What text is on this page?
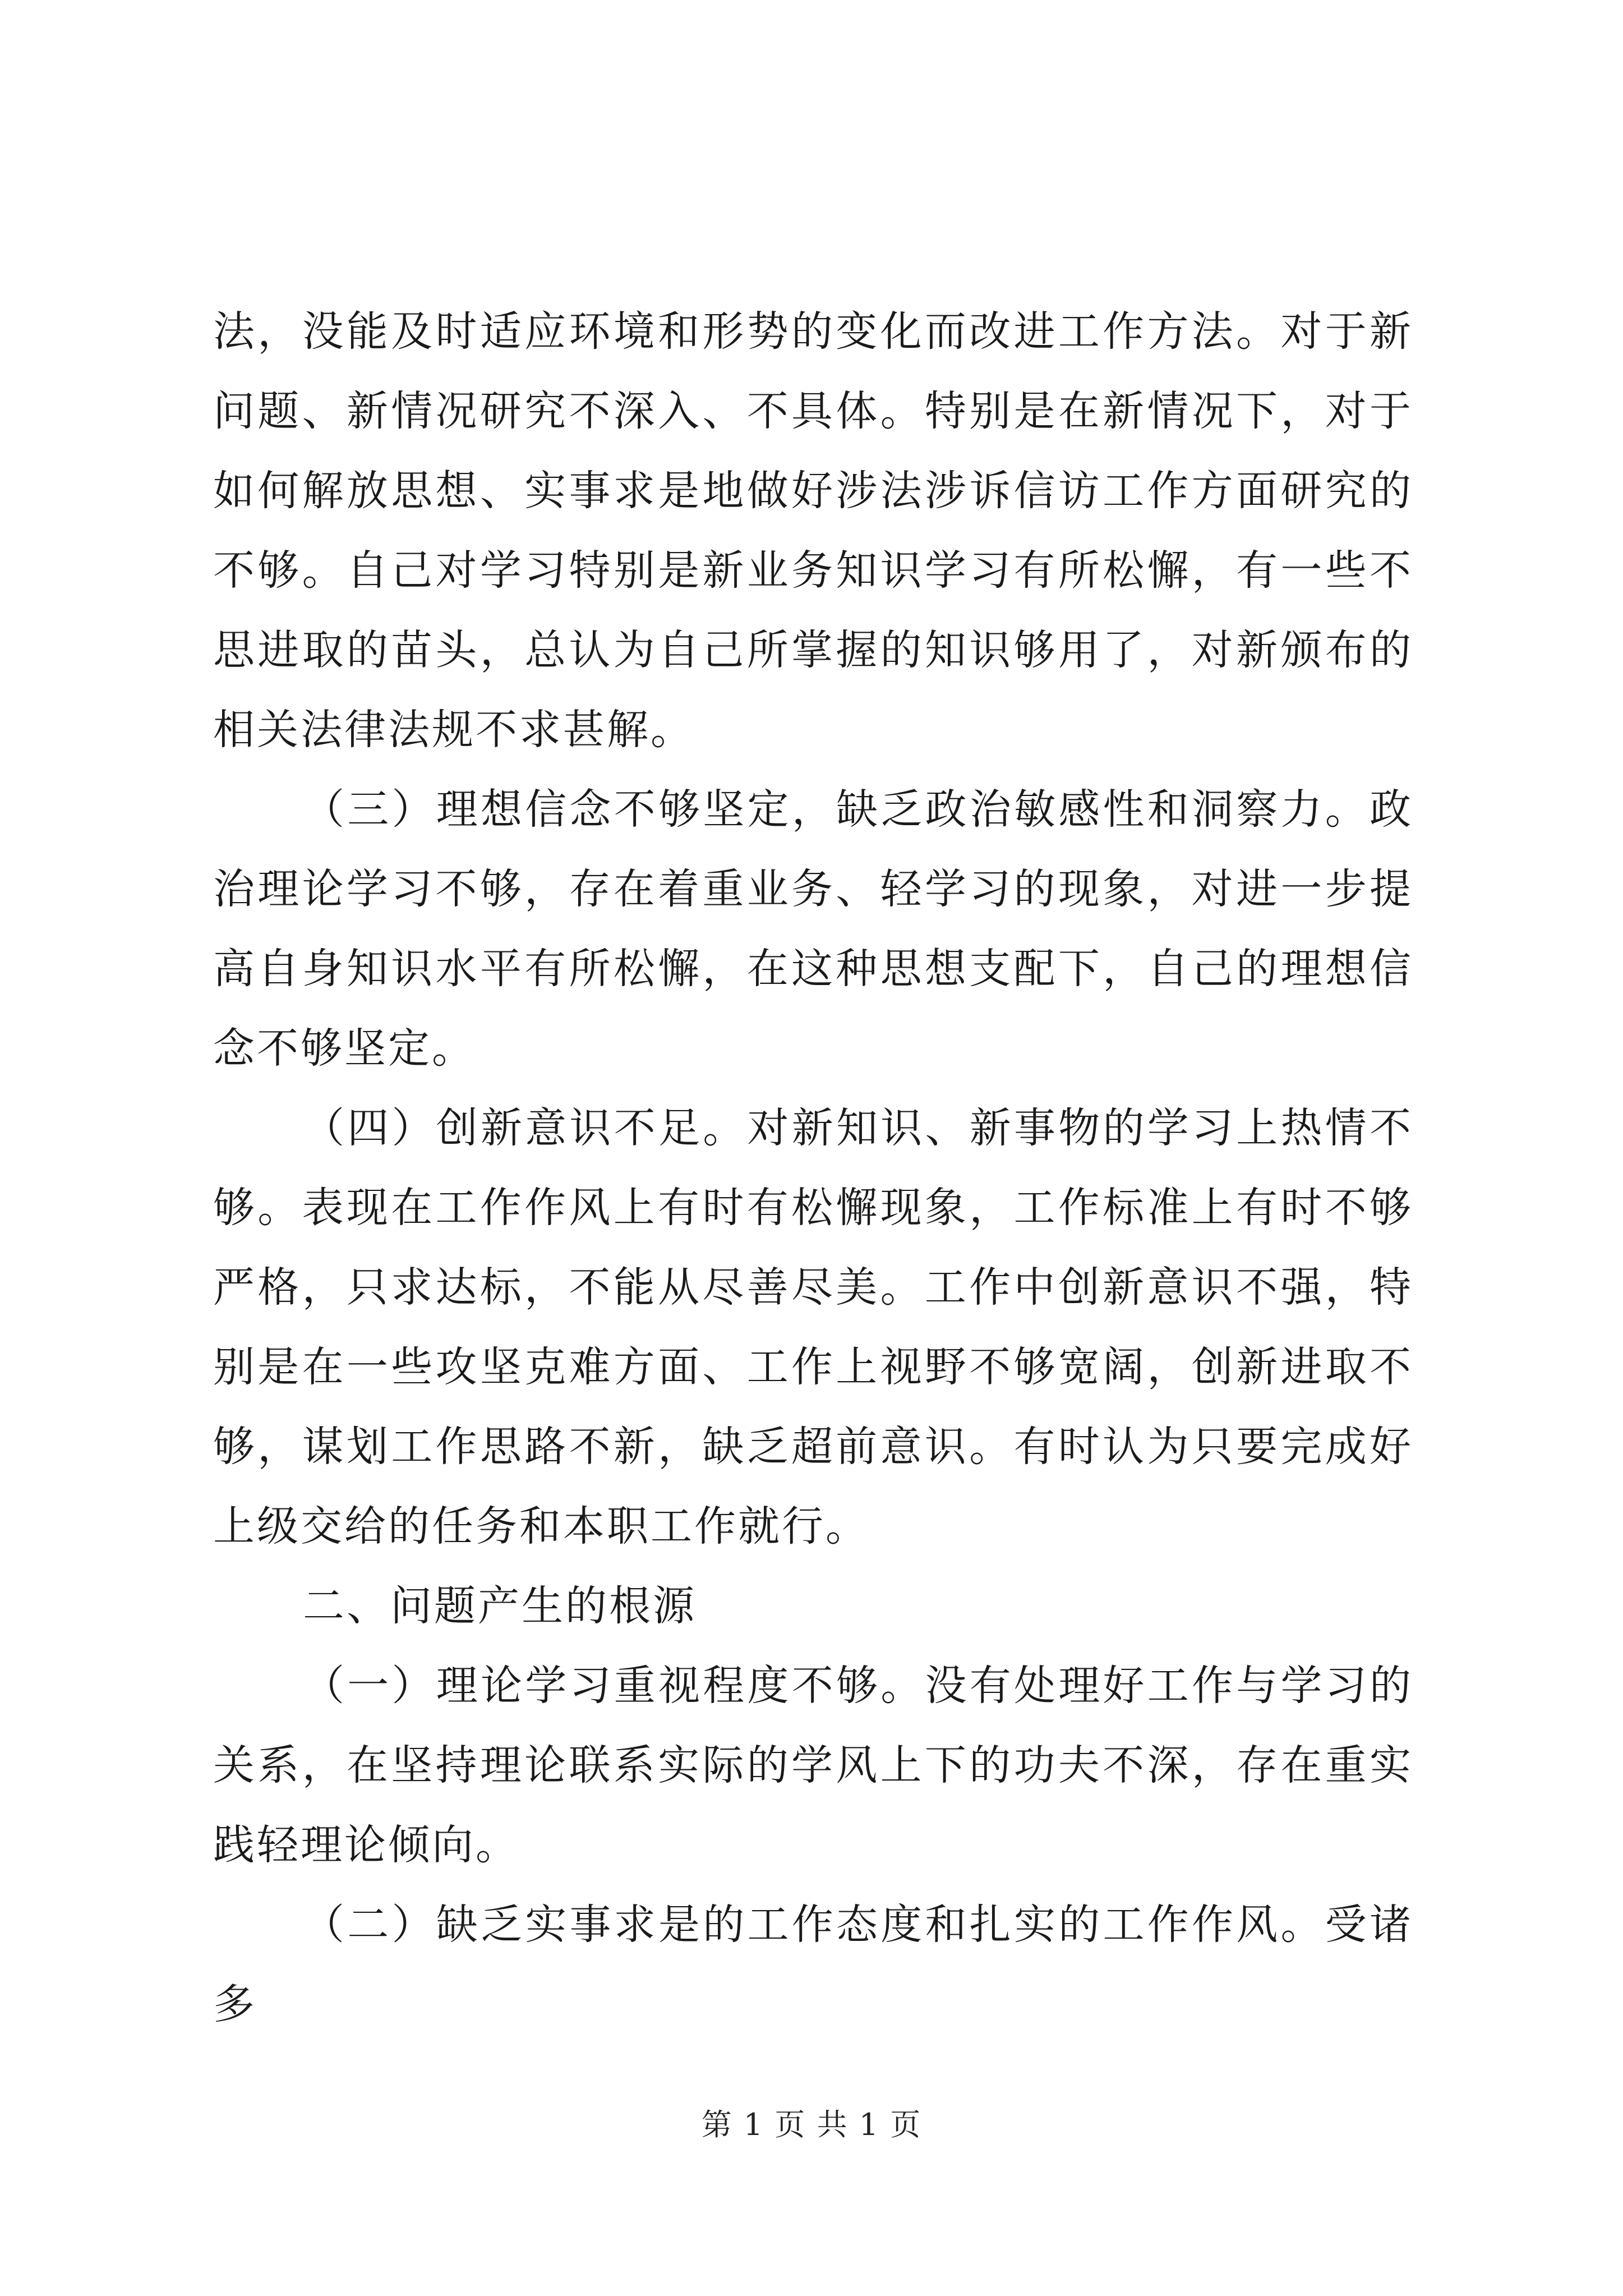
法，没能及时适应环境和形势的变化而改进工作方法。对于新问题、新情况研究不深入、不具体。特别是在新情况下，对于如何解放思想、实事求是地做好涉法涉诉信访工作方面研究的不够。自己对学习特别是新业务知识学习有所松懈，有一些不思进取的苗头，总认为自己所掌握的知识够用了，对新颁布的相关法律法规不求甚解。

（三）理想信念不够坚定，缺乏政治敏感性和洞察力。政治理论学习不够，存在着重业务、轻学习的现象，对进一步提高自身知识水平有所松懈，在这种思想支配下，自己的理想信念不够坚定。

（四）创新意识不足。对新知识、新事物的学习上热情不够。表现在工作作风上有时有松懈现象，工作标准上有时不够严格，只求达标，不能从尽善尽美。工作中创新意识不强，特别是在一些攻坚克难方面、工作上视野不够宽阔，创新进取不够，谋划工作思路不新，缺乏超前意识。有时认为只要完成好上级交给的任务和本职工作就行。

二、问题产生的根源

（一）理论学习重视程度不够。没有处理好工作与学习的关系，在坚持理论联系实际的学风上下的功夫不深，存在重实践轻理论倾向。

（二）缺乏实事求是的工作态度和扎实的工作作风。受诸多

第 1 页 共 1 页
